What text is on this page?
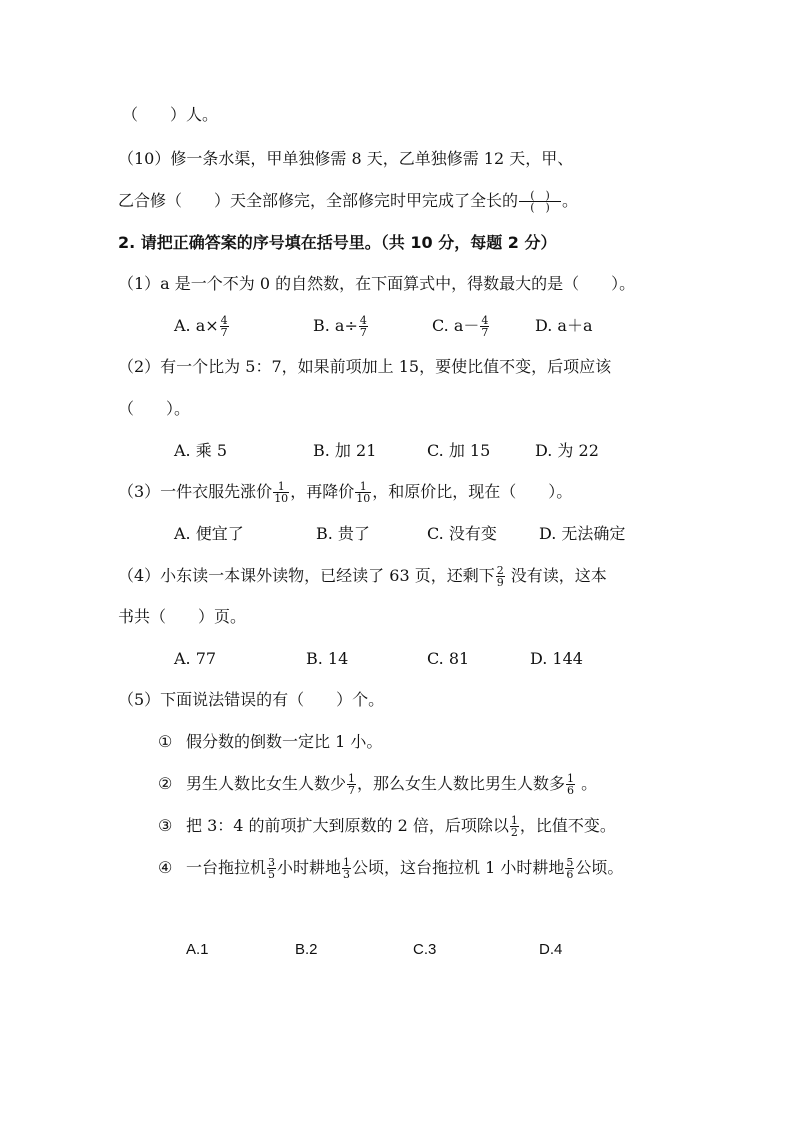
（　　）人。
（10）修一条水渠，甲单独修需 8 天，乙单独修需 12 天，甲、
乙合修（　　）天全部修完，全部修完时甲完成了全长的 $\frac{( )}{( )}$ 。
2. 请把正确答案的序号填在括号里。（共 10 分，每题 2 分）
（1）a 是一个不为 0 的自然数，在下面算式中，得数最大的是（　　）。
A. $a\times \frac{4}{7}$	B. $a\div \frac{4}{7}$	C. $a- \frac{4}{7}$	D. a＋a
（2）有一个比为 5：7，如果前项加上 15，要使比值不变，后项应该
（　　）。
A. 乘 5	B. 加 21	C. 加 15	D. 为 22
（3）一件衣服先涨价 $\frac{1}{10}$ ，再降价 $\frac{1}{10}$ ，和原价比，现在（　　）。
A. 便宜了	B. 贵了	C. 没有变	D. 无法确定
（4）小东读一本课外读物，已经读了 63 页，还剩下 $\frac{2}{9}$ 没有读，这本
书共（　　）页。
A. 77	B. 14	C. 81	D. 144
（5）下面说法错误的有（　　）个。
① 假分数的倒数一定比 1 小。
② 男生人数比女生人数少 $\frac{1}{7}$ ，那么女生人数比男生人数多 $\frac{1}{6}$ 。
③ 把 3：4 的前项扩大到原数的 2 倍，后项除以 $\frac{1}{2}$ ，比值不变。
④ 一台拖拉机 $\frac{3}{5}$ 小时耕地 $\frac{1}{3}$ 公顷，这台拖拉机 1 小时耕地 $\frac{5}{6}$ 公顷。
A.1	B.2	C.3	D.4
